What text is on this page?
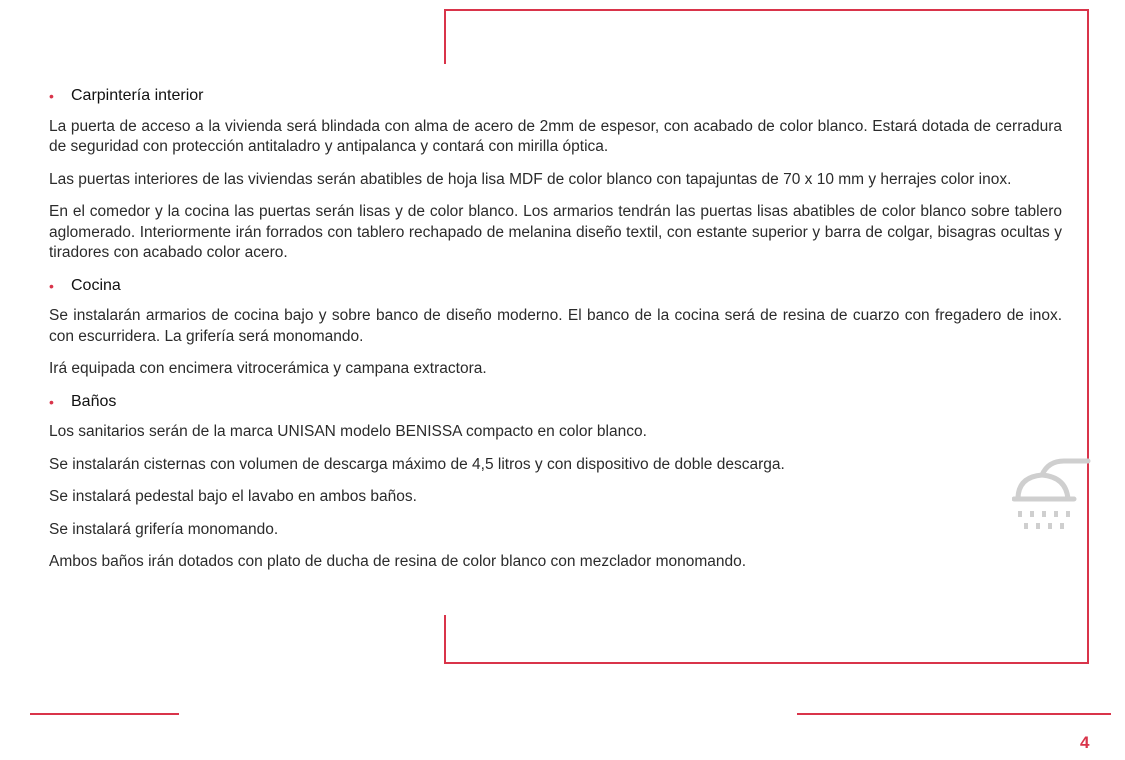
•	Carpintería interior

La puerta de acceso a la vivienda será blindada con alma de acero de 2mm de espesor, con acabado de color blanco. Estará dotada de cerradura de seguridad con protección antitaladro y antipalanca y contará con mirilla óptica.

Las puertas interiores de las viviendas serán abatibles de hoja lisa MDF de color blanco con tapajuntas de 70 x 10 mm y herrajes color inox.

En el comedor y la cocina las puertas serán lisas y de color blanco. Los armarios tendrán las puertas lisas abatibles de color blanco sobre tablero aglomerado. Interiormente irán forrados con tablero rechapado de melanina diseño textil, con estante superior y barra de colgar, bisagras ocultas y tiradores con acabado color acero.

•	Cocina

Se instalarán armarios de cocina bajo y sobre banco de diseño moderno. El banco de la cocina será de resina de cuarzo con fregadero de inox. con escurridera. La grifería será monomando.

Irá equipada con encimera vitrocerámica y campana extractora.

•	Baños

Los sanitarios serán de la marca UNISAN modelo BENISSA compacto en color blanco.

Se instalarán cisternas con volumen de descarga máximo de 4,5 litros y con dispositivo de doble descarga.

Se instalará pedestal bajo el lavabo en ambos baños.

Se instalará grifería monomando.

Ambos baños irán dotados con plato de ducha de resina de color blanco con mezclador monomando.

4
